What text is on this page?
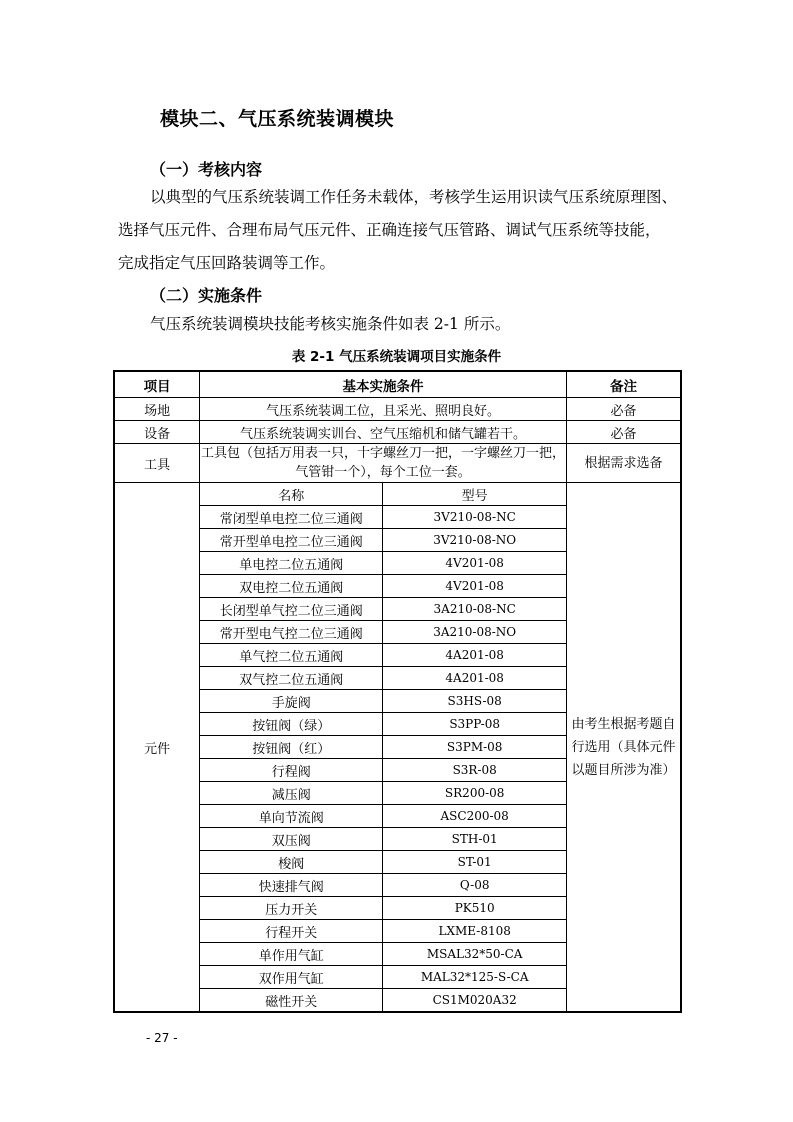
模块二、气压系统装调模块
（一）考核内容

以典型的气压系统装调工作任务未载体，考核学生运用识读气压系统原理图、

选择气压元件、合理布局气压元件、正确连接气压管路、调试气压系统等技能，

完成指定气压回路装调等工作。

（二）实施条件

气压系统装调模块技能考核实施条件如表 2-1 所示。

表 2-1 气压系统装调项目实施条件
项目	基本实施条件		备注
场地	气压系统装调工位，且采光、照明良好。		必备
设备	气压系统装调实训台、空气压缩机和储气罐若干。		必备
工具	工具包（包括万用表一只，十字螺丝刀一把，一字螺丝刀一把，气管钳一个），每个工位一套。		根据需求选备
元件	名称	型号	由考生根据考题自行选用（具体元件以题目所涉为准）
	常闭型单电控二位三通阀	3V210-08-NC	
	常开型单电控二位三通阀	3V210-08-NO	
	单电控二位五通阀	4V201-08	
	双电控二位五通阀	4V201-08	
	长闭型单气控二位三通阀	3A210-08-NC	
	常开型电气控二位三通阀	3A210-08-NO	
	单气控二位五通阀	4A201-08	
	双气控二位五通阀	4A201-08	
	手旋阀	S3HS-08	
	按钮阀（绿）	S3PP-08	
	按钮阀（红）	S3PM-08	
	行程阀	S3R-08	
	减压阀	SR200-08	
	单向节流阀	ASC200-08	
	双压阀	STH-01	
	梭阀	ST-01	
	快速排气阀	Q-08	
	压力开关	PK510	
	行程开关	LXME-8108	
	单作用气缸	MSAL32*50-CA	
	双作用气缸	MAL32*125-S-CA	
	磁性开关	CS1M020A32	
- 27 -
